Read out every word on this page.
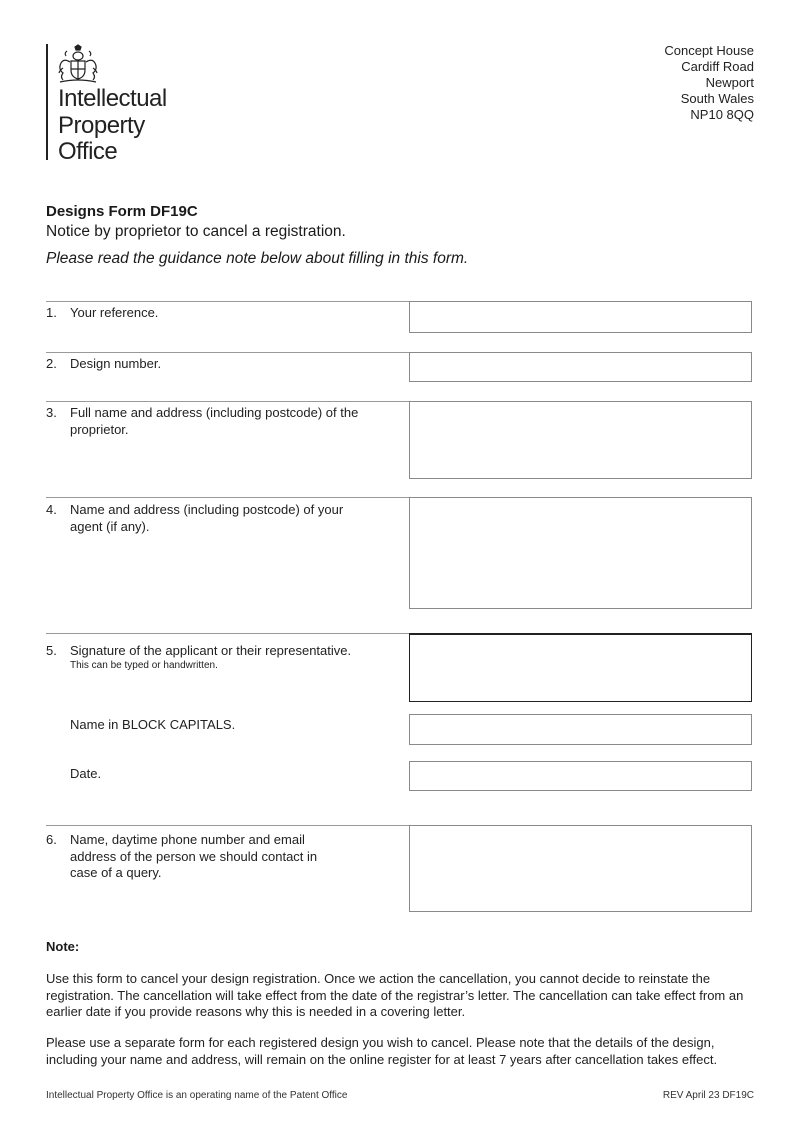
Intellectual
Property
Office
Concept House
Cardiff Road
Newport
South Wales
NP10 8QQ
Designs Form DF19C
Notice by proprietor to cancel a registration.
Please read the guidance note below about filling in this form.
1. Your reference.
2. Design number.
3. Full name and address (including postcode) of the proprietor.
4. Name and address (including postcode) of your agent (if any).
5. Signature of the applicant or their representative.
This can be typed or handwritten.
Name in BLOCK CAPITALS.
Date.
6. Name, daytime phone number and email address of the person we should contact in case of a query.
Note:
Use this form to cancel your design registration. Once we action the cancellation, you cannot decide to reinstate the registration. The cancellation will take effect from the date of the registrar’s letter. The cancellation can take effect from an earlier date if you provide reasons why this is needed in a covering letter.
Please use a separate form for each registered design you wish to cancel. Please note that the details of the design, including your name and address, will remain on the online register for at least 7 years after cancellation takes effect.
Intellectual Property Office is an operating name of the Patent Office	REV April 23 DF19C
